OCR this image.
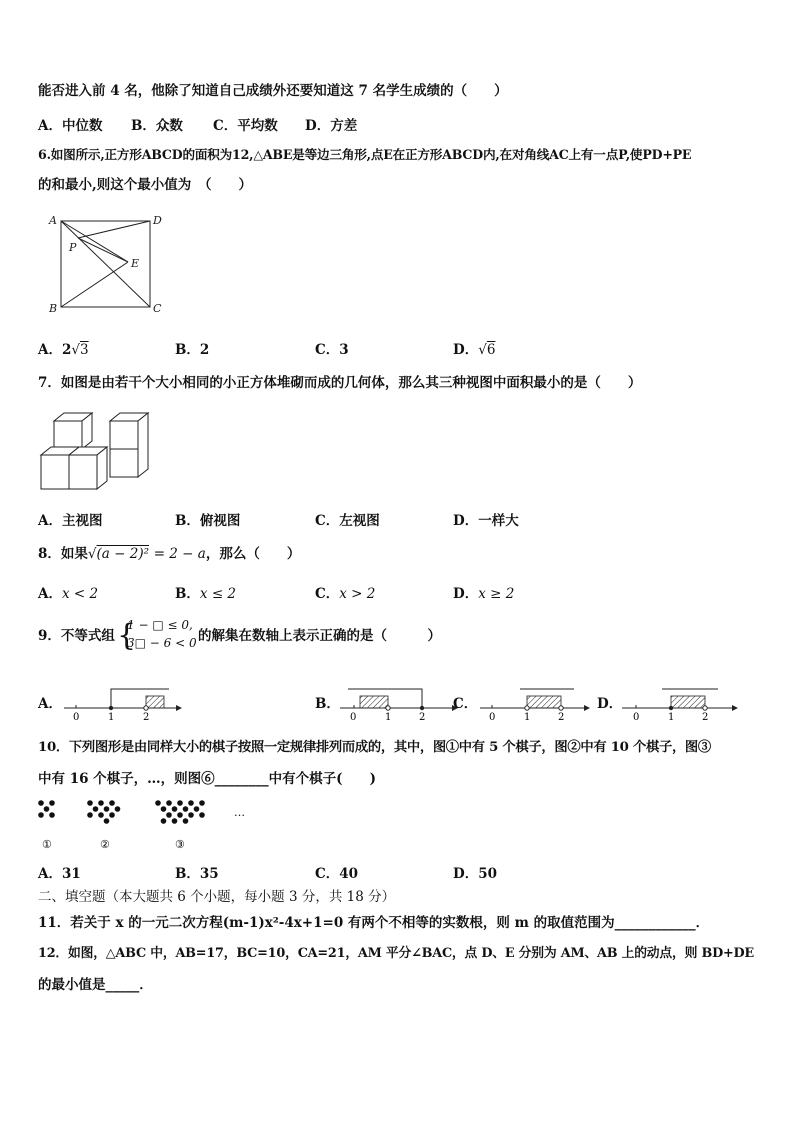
能否进入前 4 名，他除了知道自己成绩外还要知道这 7 名学生成绩的（　　）
A．中位数 B．众数 C．平均数 D．方差
6.如图所示,正方形ABCD的面积为12,△ABE是等边三角形,点E在正方形ABCD内,在对角线AC上有一点P,使PD+PE
的和最小,则这个最小值为　（　　）
A	D
P
E
B	C
A．2√3	B．2	C．3	D．√6
7．如图是由若干个大小相同的小正方体堆砌而成的几何体，那么其三种视图中面积最小的是（　　）
A．主视图	B．俯视图	C．左视图	D．一样大
8．如果√(a − 2)² = 2 − a，那么（　　）
A．x < 2	B．x ≤ 2	C．x > 2	D．x ≥ 2
9．不等式组 {
1 − □ ≤ 0,
3□ − 6 < 0 的解集在数轴上表示正确的是（　　　）
A．
0	1	2
B．
0	1	2
C．
0	1	2
D．
0	1	2
10．下列图形是由同样大小的棋子按照一定规律排列而成的，其中，图①中有 5 个棋子，图②中有 10 个棋子，图③
中有 16 个棋子，…，则图⑥________中有个棋子(　　)
…
①	②	③
A．31	B．35	C．40	D．50
二、填空题（本大题共 6 个小题，每小题 3 分，共 18 分）
11．若关于 x 的一元二次方程(m-1)x²-4x+1=0 有两个不相等的实数根，则 m 的取值范围为____________．
12．如图，△ABC 中，AB=17，BC=10，CA=21，AM 平分∠BAC，点 D、E 分别为 AM、AB 上的动点，则 BD+DE
的最小值是_____．
